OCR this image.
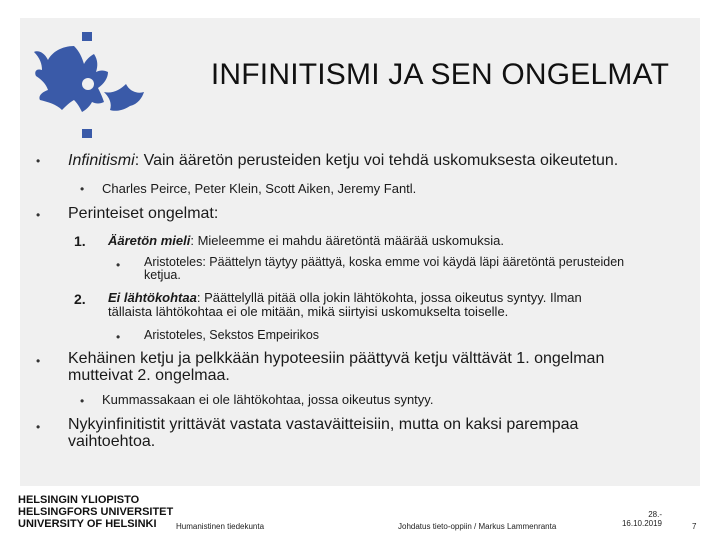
INFINITISMI JA SEN ONGELMAT
• Infinitismi: Vain ääretön perusteiden ketju voi tehdä uskomuksesta oikeutetun.
• Charles Peirce, Peter Klein, Scott Aiken, Jeremy Fantl.
• Perinteiset ongelmat:
1. Ääretön mieli: Mieleemme ei mahdu ääretöntä määrää uskomuksia.
• Aristoteles: Päättelyn täytyy päättyä, koska emme voi käydä läpi ääretöntä perusteiden
ketjua.
2. Ei lähtökohtaa: Päättelyllä pitää olla jokin lähtökohta, jossa oikeutus syntyy. Ilman
tällaista lähtökohtaa ei ole mitään, mikä siirtyisi uskomukselta toiselle.
• Aristoteles, Sekstos Empeirikos
• Kehäinen ketju ja pelkkään hypoteesiin päättyvä ketju välttävät 1. ongelman
mutteivat 2. ongelmaa.
• Kummassakaan ei ole lähtökohtaa, jossa oikeutus syntyy.
• Nykyinfinitistit yrittävät vastata vastaväitteisiin, mutta on kaksi parempaa
vaihtoehtoa.
HELSINGIN YLIOPISTO
HELSINGFORS UNIVERSITET
UNIVERSITY OF HELSINKI	Humanistinen tiedekunta	Johdatus tieto-oppiin / Markus Lammenranta
28.-
16.10.2019	7
